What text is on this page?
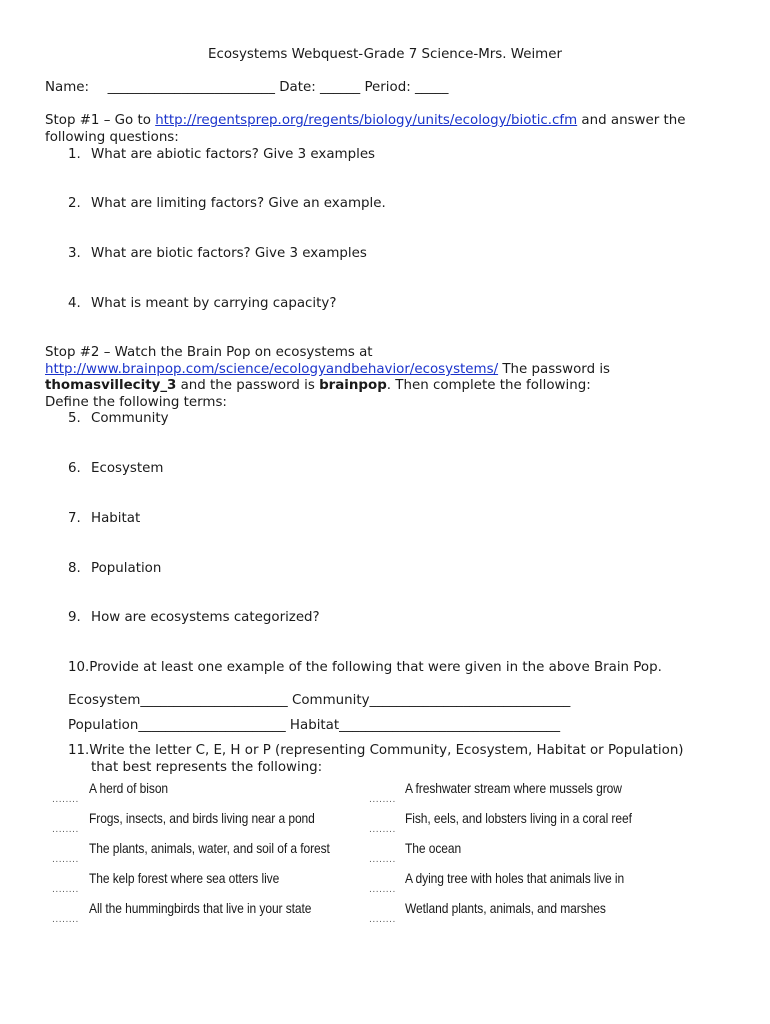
Ecosystems Webquest-Grade 7 Science-Mrs. Weimer
Name: _________________________ Date: ______ Period: _____
Stop #1 – Go to http://regentsprep.org/regents/biology/units/ecology/biotic.cfm and answer the
following questions:
1. What are abiotic factors? Give 3 examples
2. What are limiting factors? Give an example.
3. What are biotic factors? Give 3 examples
4. What is meant by carrying capacity?
Stop #2 – Watch the Brain Pop on ecosystems at
http://www.brainpop.com/science/ecologyandbehavior/ecosystems/ The password is
thomasvillecity_3 and the password is brainpop. Then complete the following:
Define the following terms:
5. Community
6. Ecosystem
7. Habitat
8. Population
9. How are ecosystems categorized?
10.Provide at least one example of the following that were given in the above Brain Pop.
Ecosystem______________________ Community______________________________
Population______________________ Habitat_________________________________
11.Write the letter C, E, H or P (representing Community, Ecosystem, Habitat or Population)
that best represents the following:
........
A herd of bison
........
Frogs, insects, and birds living near a pond
........
The plants, animals, water, and soil of a forest
........
The kelp forest where sea otters live
........
All the hummingbirds that live in your state
........
A freshwater stream where mussels grow
........
Fish, eels, and lobsters living in a coral reef
........
The ocean
........
A dying tree with holes that animals live in
........
Wetland plants, animals, and marshes
